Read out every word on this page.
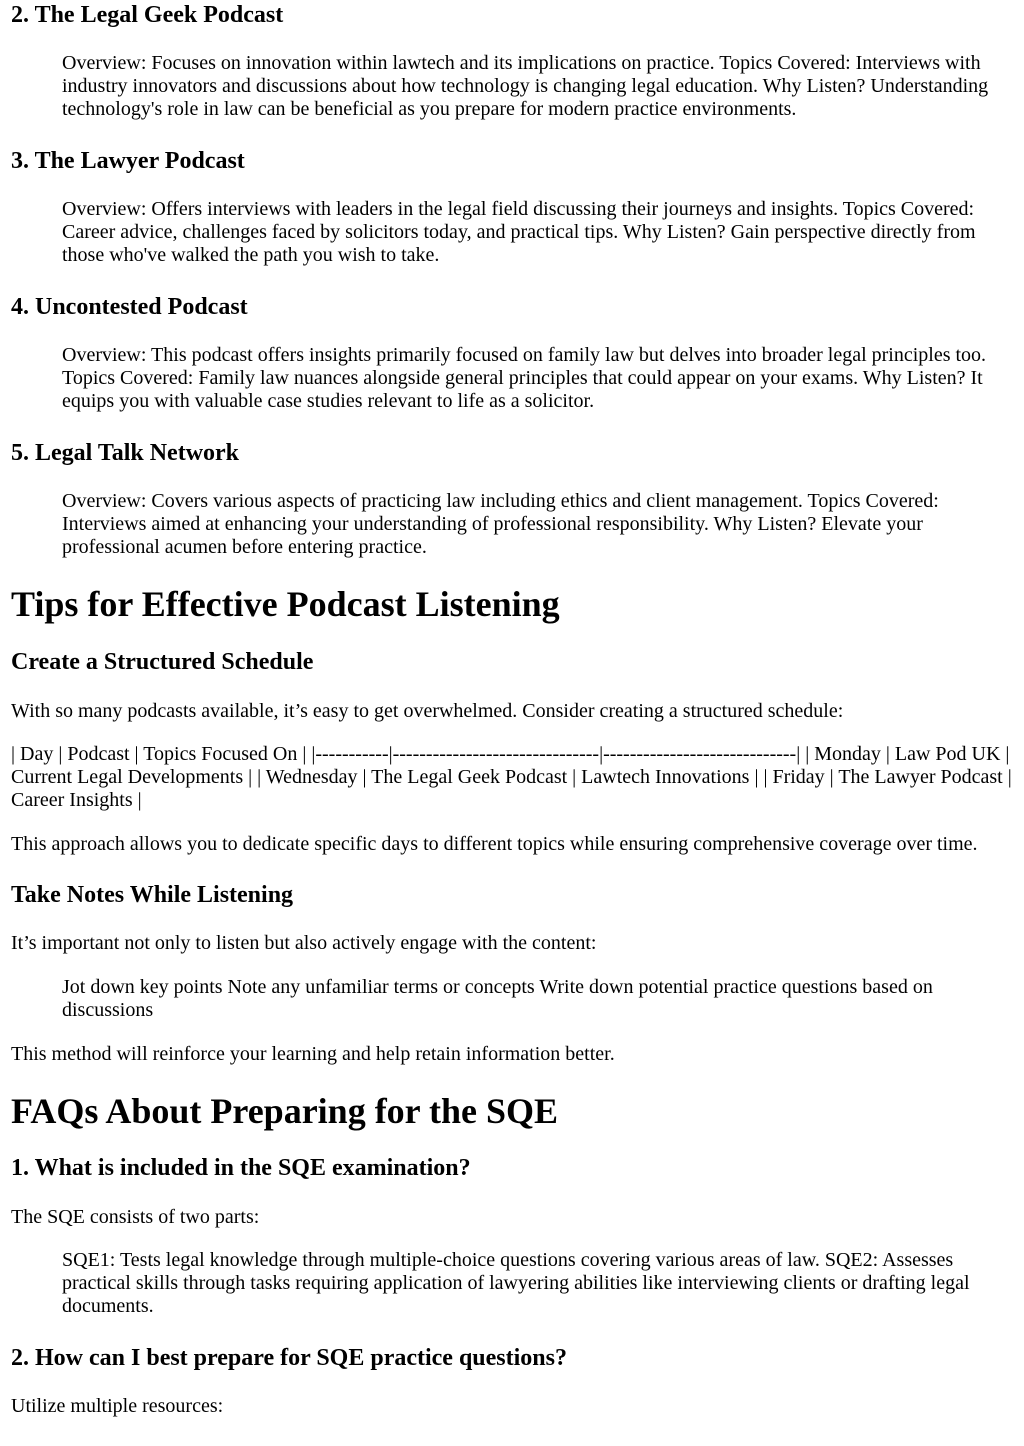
2. The Legal Geek Podcast
Overview: Focuses on innovation within lawtech and its implications on practice. Topics Covered: Interviews with industry innovators and discussions about how technology is changing legal education. Why Listen? Understanding technology's role in law can be beneficial as you prepare for modern practice environments.
3. The Lawyer Podcast
Overview: Offers interviews with leaders in the legal field discussing their journeys and insights. Topics Covered: Career advice, challenges faced by solicitors today, and practical tips. Why Listen? Gain perspective directly from those who've walked the path you wish to take.
4. Uncontested Podcast
Overview: This podcast offers insights primarily focused on family law but delves into broader legal principles too. Topics Covered: Family law nuances alongside general principles that could appear on your exams. Why Listen? It equips you with valuable case studies relevant to life as a solicitor.
5. Legal Talk Network
Overview: Covers various aspects of practicing law including ethics and client management. Topics Covered: Interviews aimed at enhancing your understanding of professional responsibility. Why Listen? Elevate your professional acumen before entering practice.
Tips for Effective Podcast Listening
Create a Structured Schedule

With so many podcasts available, it’s easy to get overwhelmed. Consider creating a structured schedule:

| Day | Podcast | Topics Focused On | |-----------|-------------------------------|-----------------------------| | Monday | Law Pod UK | Current Legal Developments | | Wednesday | The Legal Geek Podcast | Lawtech Innovations | | Friday | The Lawyer Podcast | Career Insights |

This approach allows you to dedicate specific days to different topics while ensuring comprehensive coverage over time.

Take Notes While Listening

It’s important not only to listen but also actively engage with the content:

Jot down key points Note any unfamiliar terms or concepts Write down potential practice questions based on discussions

This method will reinforce your learning and help retain information better.

FAQs About Preparing for the SQE
1. What is included in the SQE examination?

The SQE consists of two parts:

SQE1: Tests legal knowledge through multiple-choice questions covering various areas of law. SQE2: Assesses practical skills through tasks requiring application of lawyering abilities like interviewing clients or drafting legal documents.
2. How can I best prepare for SQE practice questions?

Utilize multiple resources:
